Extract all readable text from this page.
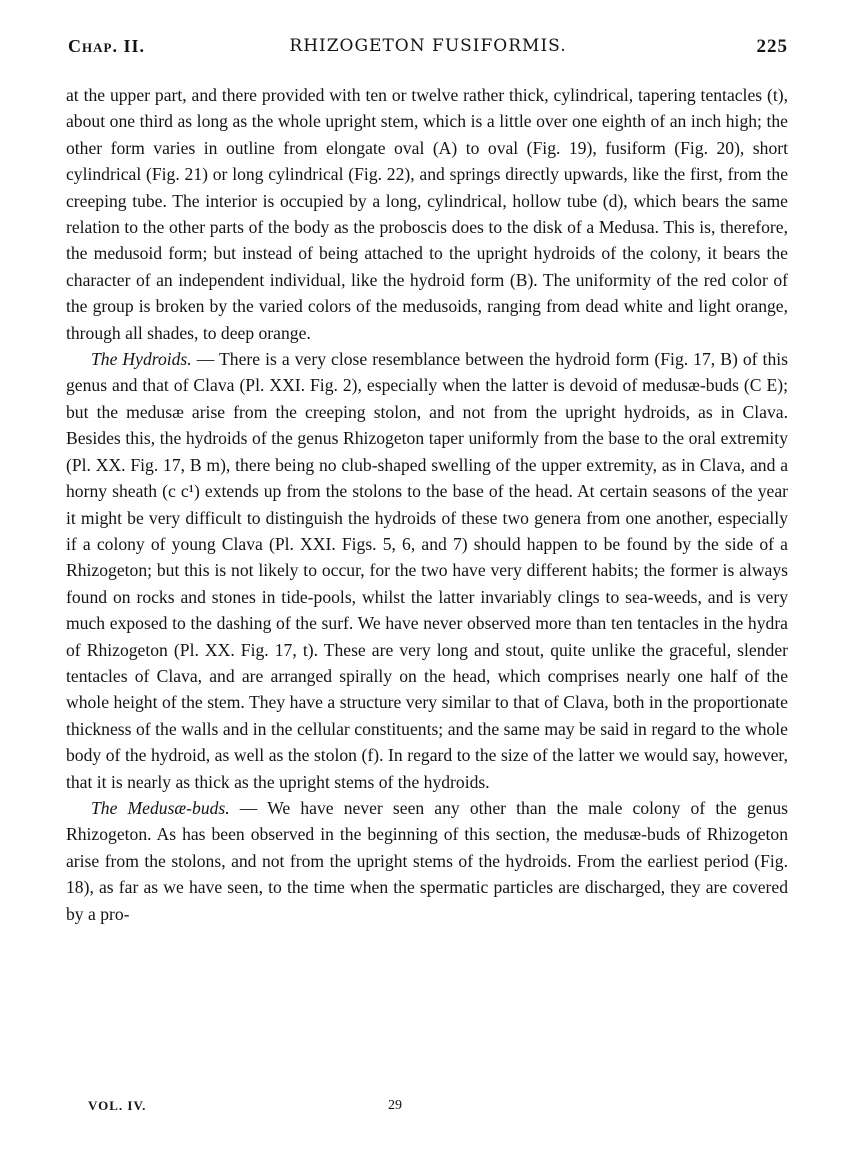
Chap. II.	RHIZOGETON FUSIFORMIS.	225

at the upper part, and there provided with ten or twelve rather thick, cylindrical, tapering tentacles (t), about one third as long as the whole upright stem, which is a little over one eighth of an inch high; the other form varies in outline from elongate oval (A) to oval (Fig. 19), fusiform (Fig. 20), short cylindrical (Fig. 21) or long cylindrical (Fig. 22), and springs directly upwards, like the first, from the creeping tube. The interior is occupied by a long, cylindrical, hollow tube (d), which bears the same relation to the other parts of the body as the proboscis does to the disk of a Medusa. This is, therefore, the medusoid form; but instead of being attached to the upright hydroids of the colony, it bears the character of an independent individual, like the hydroid form (B). The uniformity of the red color of the group is broken by the varied colors of the medusoids, ranging from dead white and light orange, through all shades, to deep orange.

The Hydroids. — There is a very close resemblance between the hydroid form (Fig. 17, B) of this genus and that of Clava (Pl. XXI. Fig. 2), especially when the latter is devoid of medusæ-buds (C E); but the medusæ arise from the creeping stolon, and not from the upright hydroids, as in Clava. Besides this, the hydroids of the genus Rhizogeton taper uniformly from the base to the oral extremity (Pl. XX. Fig. 17, B m), there being no club-shaped swelling of the upper extremity, as in Clava, and a horny sheath (c c¹) extends up from the stolons to the base of the head. At certain seasons of the year it might be very difficult to distinguish the hydroids of these two genera from one another, especially if a colony of young Clava (Pl. XXI. Figs. 5, 6, and 7) should happen to be found by the side of a Rhizogeton; but this is not likely to occur, for the two have very different habits; the former is always found on rocks and stones in tide-pools, whilst the latter invariably clings to sea-weeds, and is very much exposed to the dashing of the surf. We have never observed more than ten tentacles in the hydra of Rhizogeton (Pl. XX. Fig. 17, t). These are very long and stout, quite unlike the graceful, slender tentacles of Clava, and are arranged spirally on the head, which comprises nearly one half of the whole height of the stem. They have a structure very similar to that of Clava, both in the proportionate thickness of the walls and in the cellular constituents; and the same may be said in regard to the whole body of the hydroid, as well as the stolon (f). In regard to the size of the latter we would say, however, that it is nearly as thick as the upright stems of the hydroids.

The Medusæ-buds. — We have never seen any other than the male colony of the genus Rhizogeton. As has been observed in the beginning of this section, the medusæ-buds of Rhizogeton arise from the stolons, and not from the upright stems of the hydroids. From the earliest period (Fig. 18), as far as we have seen, to the time when the spermatic particles are discharged, they are covered by a pro-

VOL. IV.	29
